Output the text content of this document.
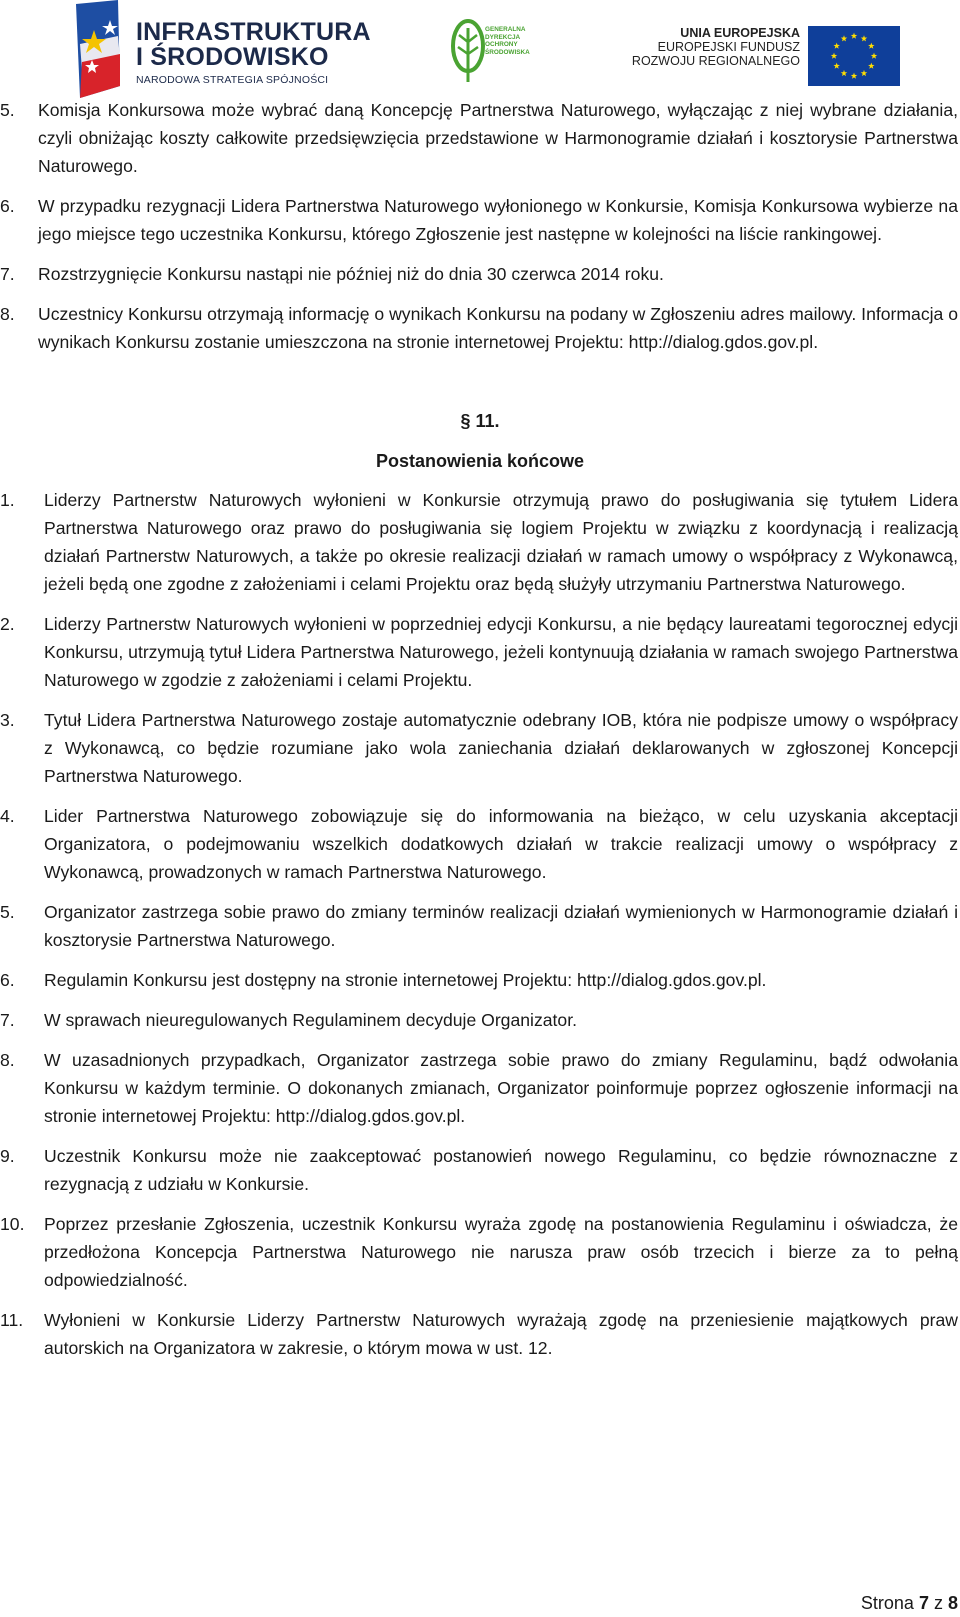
INFRASTRUKTURA
I ŚRODOWISKO
NARODOWA STRATEGIA SPÓJNOŚCI
GENERALNA
DYREKCJA
OCHRONY
ŚRODOWISKA
UNIA EUROPEJSKA
EUROPEJSKI FUNDUSZ
ROZWOJU REGIONALNEGO
5. Komisja Konkursowa może wybrać daną Koncepcję Partnerstwa Naturowego, wyłączając z niej wybrane działania, czyli obniżając koszty całkowite przedsięwzięcia przedstawione w Harmonogramie działań i kosztorysie Partnerstwa Naturowego.
6. W przypadku rezygnacji Lidera Partnerstwa Naturowego wyłonionego w Konkursie, Komisja Konkursowa wybierze na jego miejsce tego uczestnika Konkursu, którego Zgłoszenie jest następne w kolejności na liście rankingowej.
7. Rozstrzygnięcie Konkursu nastąpi nie później niż do dnia 30 czerwca 2014 roku.
8. Uczestnicy Konkursu otrzymają informację o wynikach Konkursu na podany w Zgłoszeniu adres mailowy. Informacja o wynikach Konkursu zostanie umieszczona na stronie internetowej Projektu: http://dialog.gdos.gov.pl.
§ 11.
Postanowienia końcowe
1. Liderzy Partnerstw Naturowych wyłonieni w Konkursie otrzymują prawo do posługiwania się tytułem Lidera Partnerstwa Naturowego oraz prawo do posługiwania się logiem Projektu w związku z koordynacją i realizacją działań Partnerstw Naturowych, a także po okresie realizacji działań w ramach umowy o współpracy z Wykonawcą, jeżeli będą one zgodne z założeniami i celami Projektu oraz będą służyły utrzymaniu Partnerstwa Naturowego.
2. Liderzy Partnerstw Naturowych wyłonieni w poprzedniej edycji Konkursu, a nie będący laureatami tegorocznej edycji Konkursu, utrzymują tytuł Lidera Partnerstwa Naturowego, jeżeli kontynuują działania w ramach swojego Partnerstwa Naturowego w zgodzie z założeniami i celami Projektu.
3. Tytuł Lidera Partnerstwa Naturowego zostaje automatycznie odebrany IOB, która nie podpisze umowy o współpracy z Wykonawcą, co będzie rozumiane jako wola zaniechania działań deklarowanych w zgłoszonej Koncepcji Partnerstwa Naturowego.
4. Lider Partnerstwa Naturowego zobowiązuje się do informowania na bieżąco, w celu uzyskania akceptacji Organizatora, o podejmowaniu wszelkich dodatkowych działań w trakcie realizacji umowy o współpracy z Wykonawcą, prowadzonych w ramach Partnerstwa Naturowego.
5. Organizator zastrzega sobie prawo do zmiany terminów realizacji działań wymienionych w Harmonogramie działań i kosztorysie Partnerstwa Naturowego.
6. Regulamin Konkursu jest dostępny na stronie internetowej Projektu: http://dialog.gdos.gov.pl.
7. W sprawach nieuregulowanych Regulaminem decyduje Organizator.
8. W uzasadnionych przypadkach, Organizator zastrzega sobie prawo do zmiany Regulaminu, bądź odwołania Konkursu w każdym terminie. O dokonanych zmianach, Organizator poinformuje poprzez ogłoszenie informacji na stronie internetowej Projektu: http://dialog.gdos.gov.pl.
9. Uczestnik Konkursu może nie zaakceptować postanowień nowego Regulaminu, co będzie równoznaczne z rezygnacją z udziału w Konkursie.
10. Poprzez przesłanie Zgłoszenia, uczestnik Konkursu wyraża zgodę na postanowienia Regulaminu i oświadcza, że przedłożona Koncepcja Partnerstwa Naturowego nie narusza praw osób trzecich i bierze za to pełną odpowiedzialność.
11. Wyłonieni w Konkursie Liderzy Partnerstw Naturowych wyrażają zgodę na przeniesienie majątkowych praw autorskich na Organizatora w zakresie, o którym mowa w ust. 12.
Strona 7 z 8
